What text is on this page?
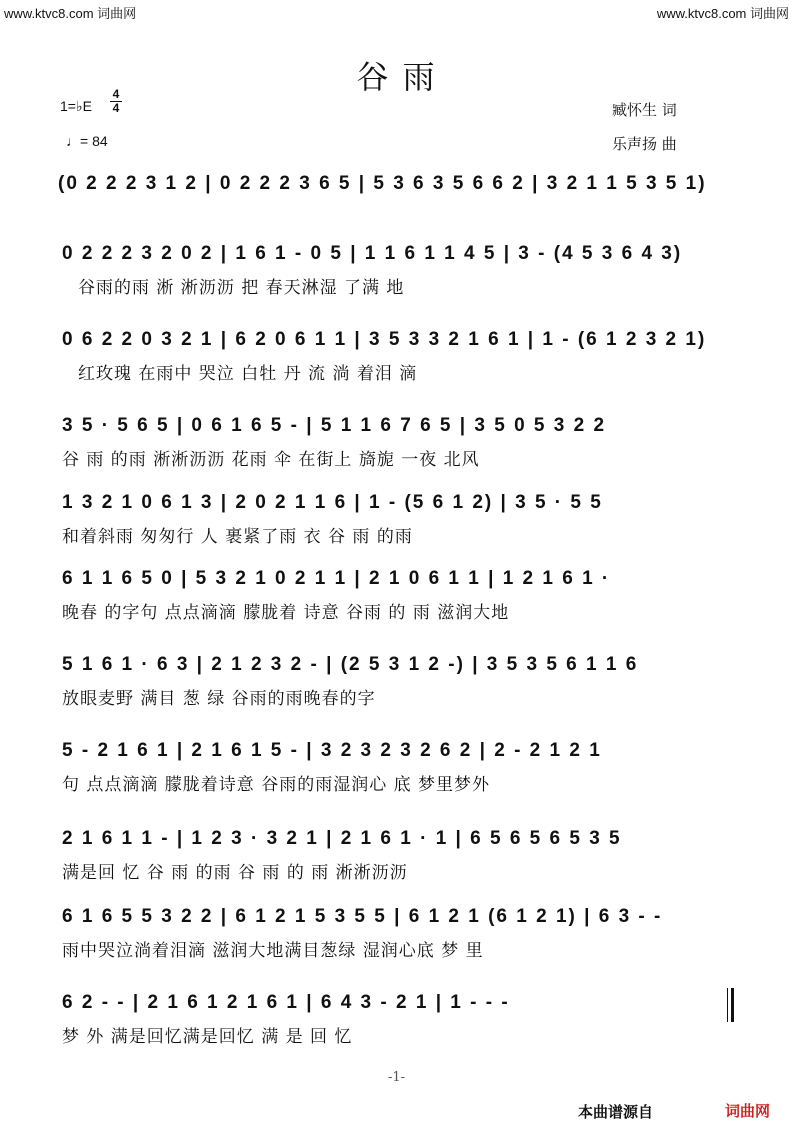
www.ktvc8.com 词曲网	www.ktvc8.com 词曲网
谷 雨
1=♭E $\frac{4}{4}$
♩= 84
臧怀生 词
乐声扬 曲
(0 2 2 2 3 1 2 | 0 2 2 2 3 6 5 | 5 3 6 3 5 6 6 2 | 3 2 1 1 5 3 5 1)
0 2 2 2 3 2 0 2 | 1 6 1 - 0 5 | 1 1 6 1 1 4 5 | 3 - (4 5 3 6 4 3)
谷雨的雨 淅 淅沥沥 把 春天淋湿 了满 地
0 6 2 2 0 3 2 1 | 6 2 0 6 1 1 | 3 5 3 3 2 1 6 1 | 1 - (6 1 2 3 2 1)
红玫瑰 在雨中 哭泣 白牡 丹 流 淌 着泪 滴
3 5 · 5 6 5 | 0 6 1 6 5 - | 5 1 1 6 7 6 5 | 3 5 0 5 3 2 2
谷 雨 的雨 淅淅沥沥 花雨 伞 在街上 旖旎 一夜 北风
1 3 2 1 0 6 1 3 | 2 0 2 1 1 6 | 1 - (5 6 1 2) | 3 5 · 5 5
和着斜雨 匆匆行 人 裹紧了雨 衣 谷 雨 的雨
6 1 1 6 5 0 | 5 3 2 1 0 2 1 1 | 2 1 0 6 1 1 | 1 2 1 6 1 ·
晚春 的字句 点点滴滴 朦胧着 诗意 谷雨 的 雨 滋润大地
5 1 6 1 · 6 3 | 2 1 2 3 2 - | (2 5 3 1 2 -) | 3 5 3 5 6 1 1 6
放眼麦野 满目 葱 绿 谷雨的雨晚春的字
5 - 2 1 6 1 | 2 1 6 1 5 - | 3 2 3 2 3 2 6 2 | 2 - 2 1 2 1
句 点点滴滴 朦胧着诗意 谷雨的雨湿润心 底 梦里梦外
2 1 6 1 1 - | 1 2 3 · 3 2 1 | 2 1 6 1 · 1 | 6 5 6 5 6 5 3 5
满是回 忆 谷 雨 的雨 谷 雨 的 雨 淅淅沥沥
6 1 6 5 5 3 2 2 | 6 1 2 1 5 3 5 5 | 6 1 2 1 (6 1 2 1) | 6 3 - -
雨中哭泣淌着泪滴 滋润大地满目葱绿 湿润心底 梦 里
6 2 - - | 2 1 6 1 2 1 6 1 | 6 4 3 - 2 1 | 1 - - -
梦 外 满是回忆满是回忆 满 是 回 忆
-1-
本曲谱源自	词曲网
